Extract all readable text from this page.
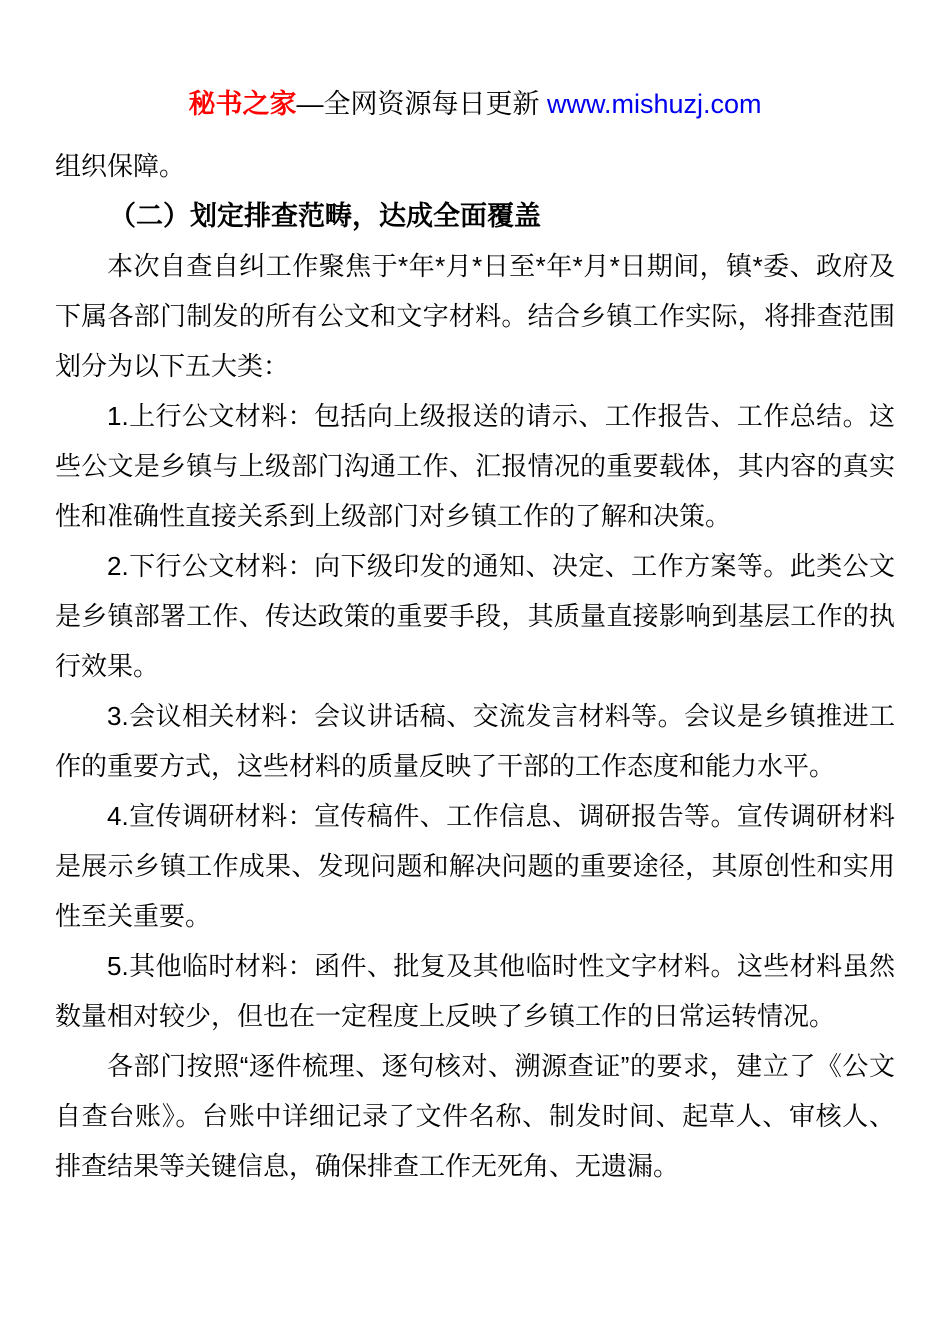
秘书之家—全网资源每日更新 www.mishuzj.com

组织保障。

（二）划定排查范畴，达成全面覆盖

本次自查自纠工作聚焦于*年*月*日至*年*月*日期间，镇*委、政府及下属各部门制发的所有公文和文字材料。结合乡镇工作实际，将排查范围划分为以下五大类：

1.上行公文材料：包括向上级报送的请示、工作报告、工作总结。这些公文是乡镇与上级部门沟通工作、汇报情况的重要载体，其内容的真实性和准确性直接关系到上级部门对乡镇工作的了解和决策。

2.下行公文材料：向下级印发的通知、决定、工作方案等。此类公文是乡镇部署工作、传达政策的重要手段，其质量直接影响到基层工作的执行效果。

3.会议相关材料：会议讲话稿、交流发言材料等。会议是乡镇推进工作的重要方式，这些材料的质量反映了干部的工作态度和能力水平。

4.宣传调研材料：宣传稿件、工作信息、调研报告等。宣传调研材料是展示乡镇工作成果、发现问题和解决问题的重要途径，其原创性和实用性至关重要。

5.其他临时材料：函件、批复及其他临时性文字材料。这些材料虽然数量相对较少，但也在一定程度上反映了乡镇工作的日常运转情况。

各部门按照“逐件梳理、逐句核对、溯源查证”的要求，建立了《公文自查台账》。台账中详细记录了文件名称、制发时间、起草人、审核人、排查结果等关键信息，确保排查工作无死角、无遗漏。
